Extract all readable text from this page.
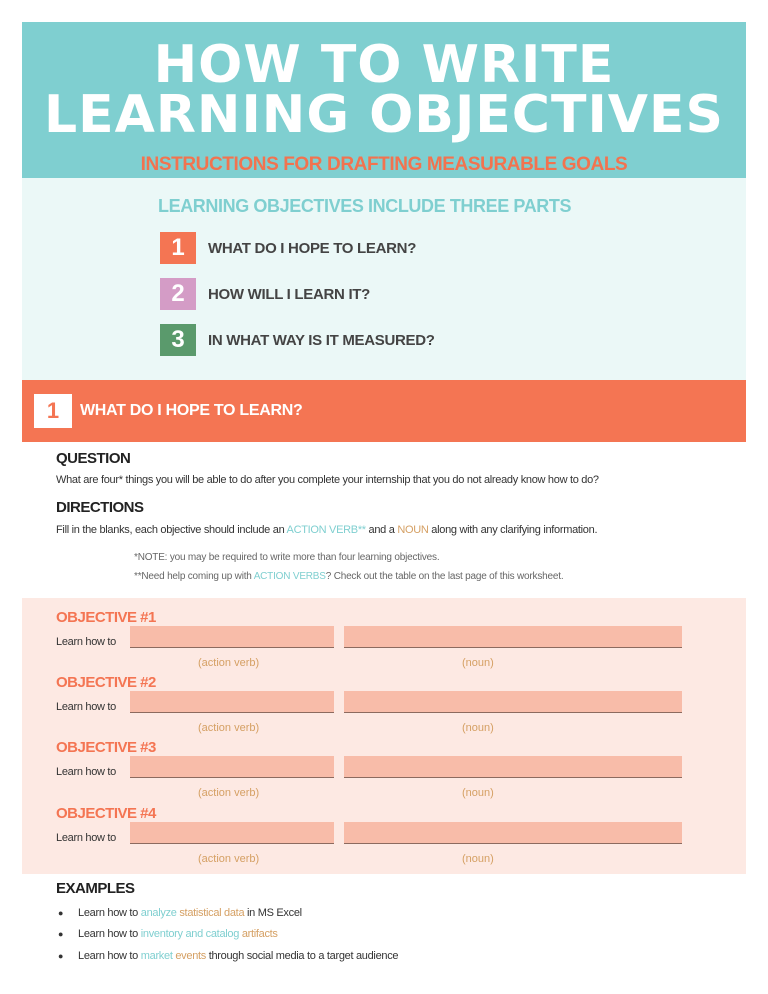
HOW TO WRITE
LEARNING OBJECTIVES
INSTRUCTIONS FOR DRAFTING MEASURABLE GOALS
LEARNING OBJECTIVES INCLUDE THREE PARTS
1	WHAT DO I HOPE TO LEARN?
2	HOW WILL I LEARN IT?
3	IN WHAT WAY IS IT MEASURED?
1	WHAT DO I HOPE TO LEARN?
QUESTION
What are four* things you will be able to do after you complete your internship that you do not already know how to do?
DIRECTIONS
Fill in the blanks, each objective should include an ACTION VERB** and a NOUN along with any clarifying information.
*NOTE: you may be required to write more than four learning objectives.
**Need help coming up with ACTION VERBS? Check out the table on the last page of this worksheet.
OBJECTIVE #1
Learn how to
(action verb)	(noun)
OBJECTIVE #2
Learn how to
(action verb)	(noun)
OBJECTIVE #3
Learn how to
(action verb)	(noun)
OBJECTIVE #4
Learn how to
(action verb)	(noun)
EXAMPLES
● Learn how to analyze statistical data in MS Excel
● Learn how to inventory and catalog artifacts
● Learn how to market events through social media to a target audience
